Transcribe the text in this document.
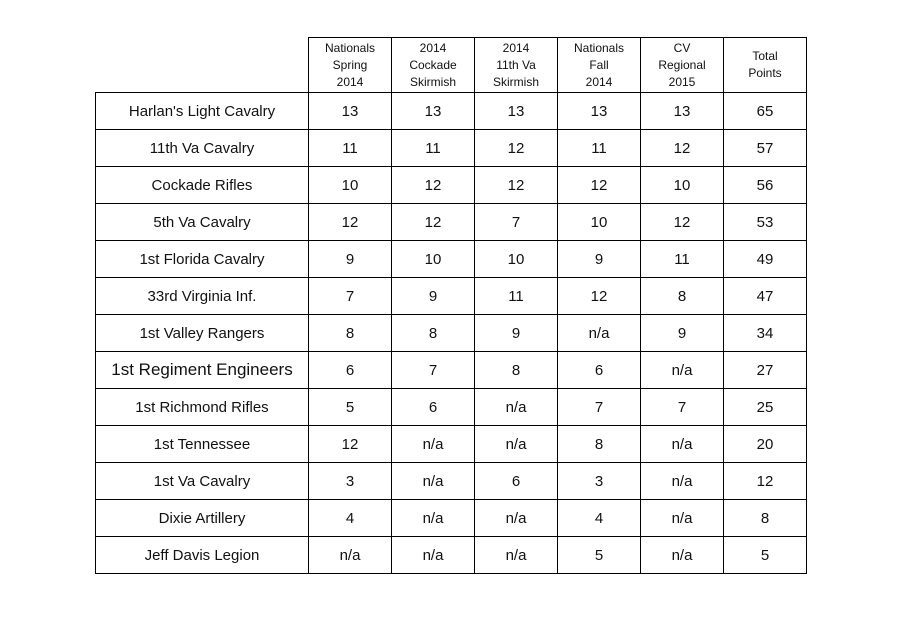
	Nationals
Spring
2014	2014
Cockade
Skirmish	2014
11th Va
Skirmish	Nationals
Fall
2014	CV
Regional
2015	Total
Points

Harlan's Light Cavalry	13	13	13	13	13	65
11th Va Cavalry	11	11	12	11	12	57
Cockade Rifles	10	12	12	12	10	56
5th Va Cavalry	12	12	7	10	12	53
1st Florida Cavalry	9	10	10	9	11	49
33rd Virginia Inf.	7	9	11	12	8	47
1st Valley Rangers	8	8	9	n/a	9	34
1st Regiment Engineers	6	7	8	6	n/a	27
1st Richmond Rifles	5	6	n/a	7	7	25
1st Tennessee	12	n/a	n/a	8	n/a	20
1st Va Cavalry	3	n/a	6	3	n/a	12
Dixie Artillery	4	n/a	n/a	4	n/a	8
Jeff Davis Legion	n/a	n/a	n/a	5	n/a	5
